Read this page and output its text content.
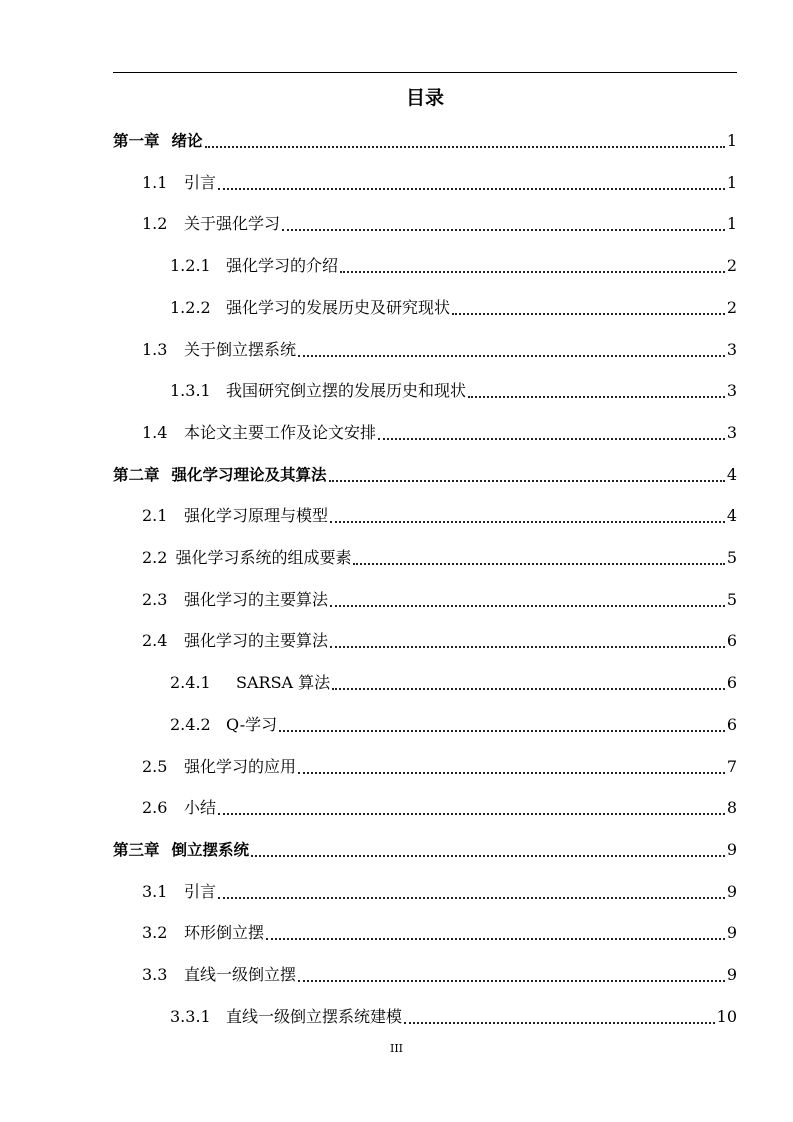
目录
第一章 绪论	1
1.1	引言	1
1.2	关于强化学习	1
1.2.1 强化学习的介绍	2
1.2.2 强化学习的发展历史及研究现状	2
1.3	关于倒立摆系统	3
1.3.1 我国研究倒立摆的发展历史和现状	3
1.4	本论文主要工作及论文安排	3
第二章 强化学习理论及其算法	4
2.1	强化学习原理与模型	4
2.2 强化学习系统的组成要素	5
2.3	强化学习的主要算法	5
2.4	强化学习的主要算法	6
2.4.1	SARSA 算法	6
2.4.2 Q-学习	6
2.5	强化学习的应用	7
2.6	小结	8
第三章 倒立摆系统	9
3.1	引言	9
3.2	环形倒立摆	9
3.3	直线一级倒立摆	9
3.3.1 直线一级倒立摆系统建模	10
III
